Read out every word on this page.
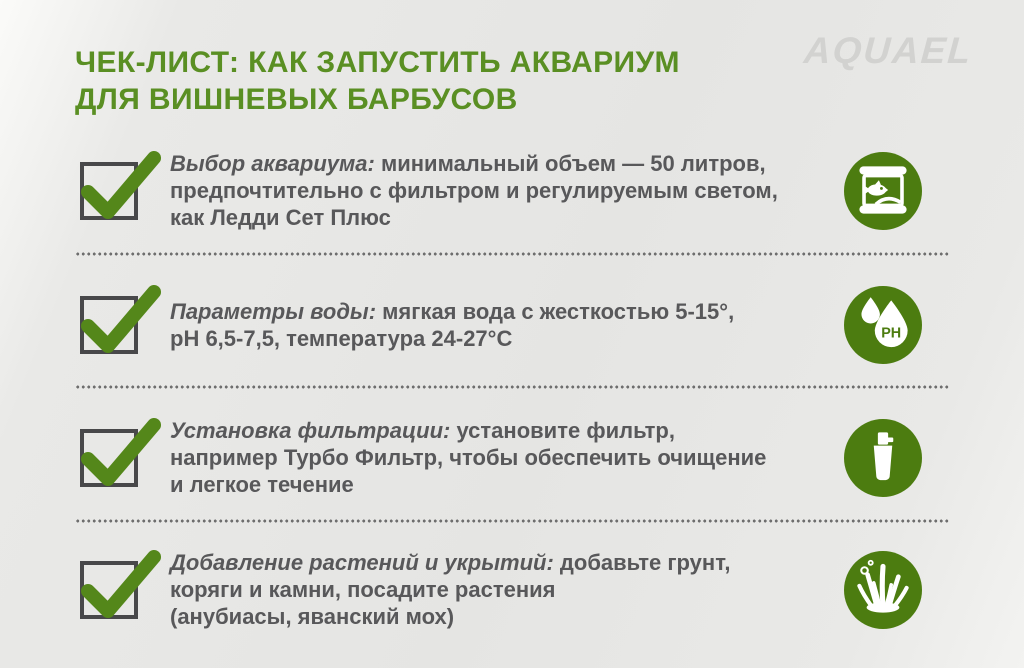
AQUAEL
ЧЕК-ЛИСТ: КАК ЗАПУСТИТЬ АКВАРИУМ
ДЛЯ ВИШНЕВЫХ БАРБУСОВ
Выбор аквариума: минимальный объем — 50 литров,
предпочтительно с фильтром и регулируемым светом,
как Ледди Сет Плюс
Параметры воды: мягкая вода с жесткостью 5-15°,
pH 6,5-7,5, температура 24-27°C	PH
Установка фильтрации: установите фильтр,
например Турбо Фильтр, чтобы обеспечить очищение
и легкое течение
Добавление растений и укрытий: добавьте грунт,
коряги и камни, посадите растения
(анубиасы, яванский мох)
